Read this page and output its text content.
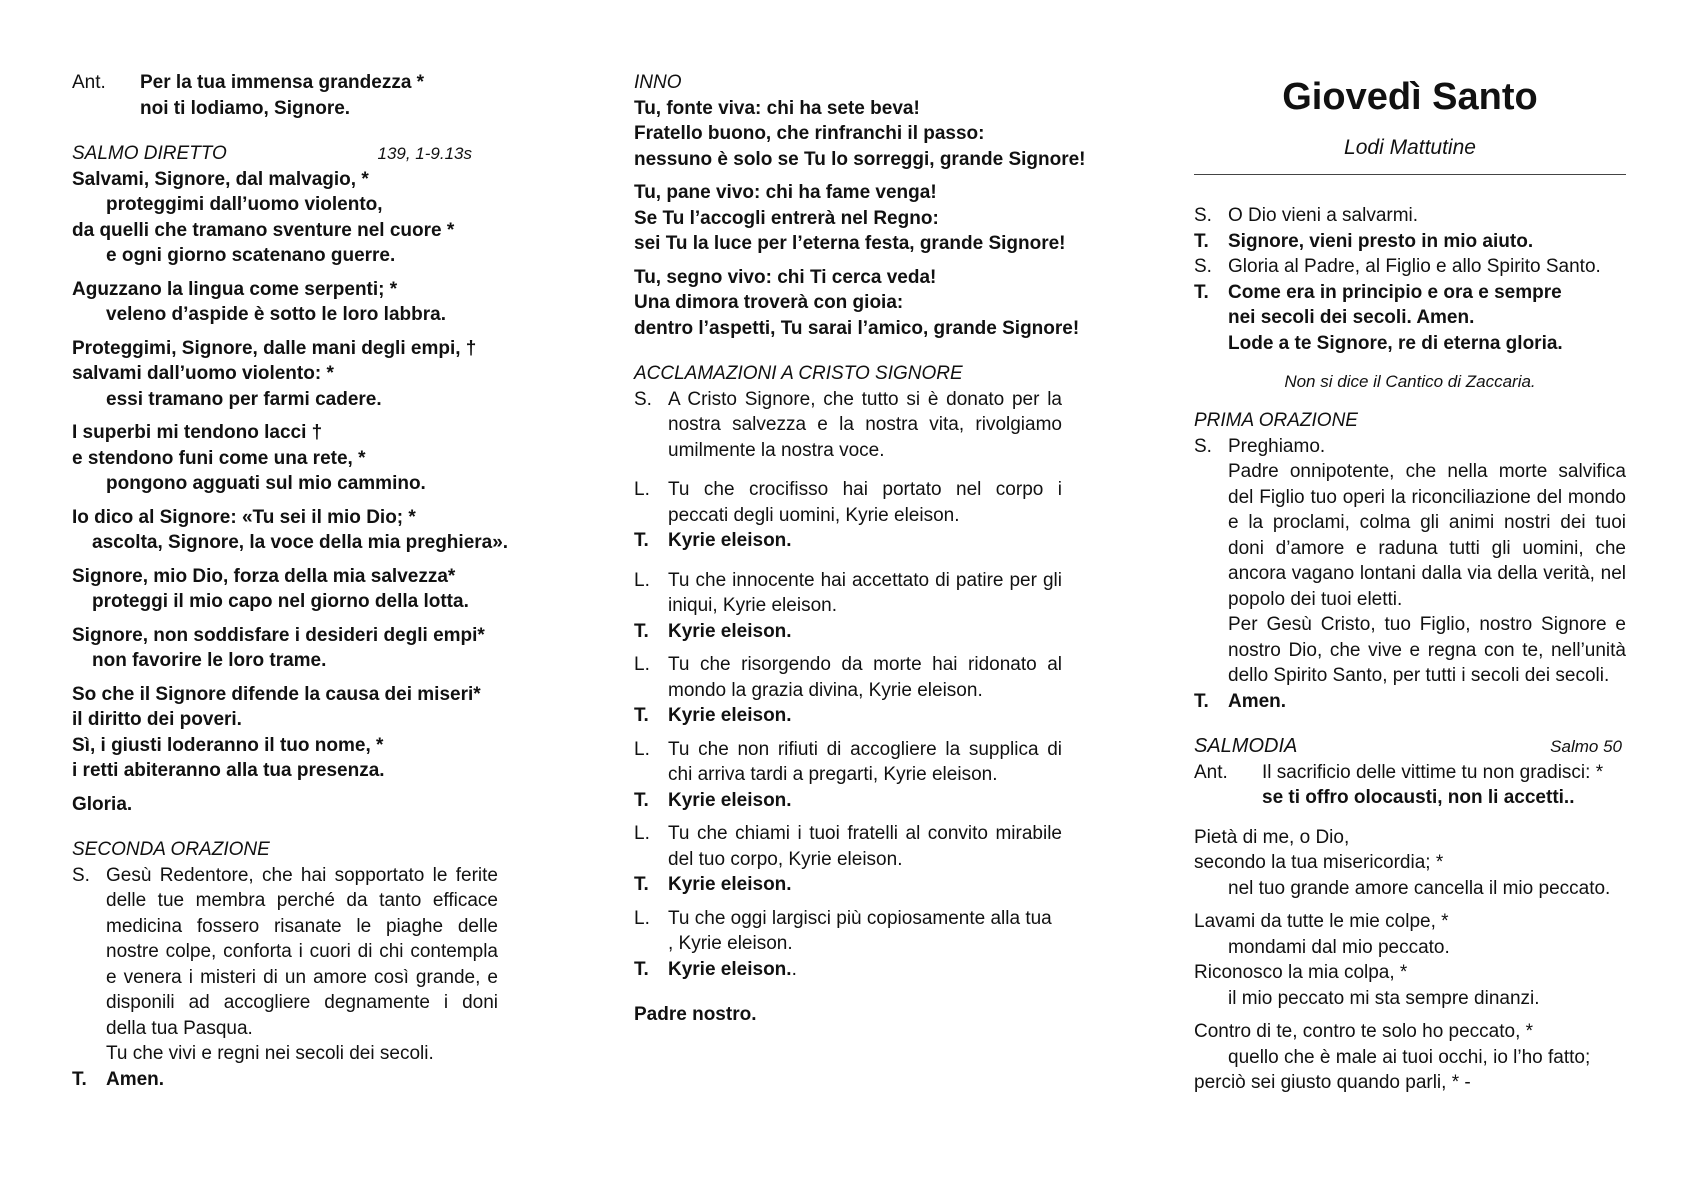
Ant.	Per la tua immensa grandezza *
noi ti lodiamo, Signore.
SALMO DIRETTO	139, 1-9.13s
Salvami, Signore, dal malvagio, *
proteggimi dall’uomo violento,
da quelli che tramano sventure nel cuore *
e ogni giorno scatenano guerre.
Aguzzano la lingua come serpenti; *
veleno d’aspide è sotto le loro labbra.
Proteggimi, Signore, dalle mani degli empi, †
salvami dall’uomo violento: *
essi tramano per farmi cadere.
I superbi mi tendono lacci †
e stendono funi come una rete, *
pongono agguati sul mio cammino.
Io dico al Signore: «Tu sei il mio Dio; *
ascolta, Signore, la voce della mia preghiera».
Signore, mio Dio, forza della mia salvezza*
proteggi il mio capo nel giorno della lotta.
Signore, non soddisfare i desideri degli empi*
non favorire le loro trame.
So che il Signore difende la causa dei miseri*
il diritto dei poveri.
Sì, i giusti loderanno il tuo nome, *
i retti abiteranno alla tua presenza.
Gloria.
SECONDA ORAZIONE
S. Gesù Redentore, che hai sopportato le ferite delle tue membra perché da tanto efficace medicina fossero risanate le piaghe delle nostre colpe, conforta i cuori di chi contempla e venera i misteri di un amore così grande, e disponili ad accogliere degnamente i doni della tua Pasqua.
Tu che vivi e regni nei secoli dei secoli.
T.	Amen.
INNO
Tu, fonte viva: chi ha sete beva!
Fratello buono, che rinfranchi il passo:
nessuno è solo se Tu lo sorreggi, grande Signore!
Tu, pane vivo: chi ha fame venga!
Se Tu l’accogli entrerà nel Regno:
sei Tu la luce per l’eterna festa, grande Signore!
Tu, segno vivo: chi Ti cerca veda!
Una dimora troverà con gioia:
dentro l’aspetti, Tu sarai l’amico, grande Signore!
ACCLAMAZIONI A CRISTO SIGNORE
S. A Cristo Signore, che tutto si è donato per la nostra salvezza e la nostra vita, rivolgiamo umilmente la nostra voce.
L. Tu che crocifisso hai portato nel corpo i peccati degli uomini, Kyrie eleison.
T.	Kyrie eleison.
L. Tu che innocente hai accettato di patire per gli iniqui, Kyrie eleison.
T.	Kyrie eleison.
L. Tu che risorgendo da morte hai ridonato al mondo la grazia divina, Kyrie eleison.
T.	Kyrie eleison.
L. Tu che non rifiuti di accogliere la supplica di chi arriva tardi a pregarti, Kyrie eleison.
T.	Kyrie eleison.
L. Tu che chiami i tuoi fratelli al convito mirabile del tuo corpo, Kyrie eleison.
T.	Kyrie eleison.
L. Tu che oggi largisci più copiosamente alla tua , Kyrie eleison.
T.	Kyrie eleison..
Padre nostro.
Giovedì Santo
Lodi Mattutine
S. O Dio vieni a salvarmi.
T.	Signore, vieni presto in mio aiuto.
S. Gloria al Padre, al Figlio e allo Spirito Santo.
T.	Come era in principio e ora e sempre nei secoli dei secoli. Amen.
Lode a te Signore, re di eterna gloria.
Non si dice il Cantico di Zaccaria.
PRIMA ORAZIONE
S. Preghiamo.
Padre onnipotente, che nella morte salvifica del Figlio tuo operi la riconciliazione del mondo e la proclami, colma gli animi nostri dei tuoi doni d’amore e raduna tutti gli uomini, che ancora vagano lontani dalla via della verità, nel popolo dei tuoi eletti.
Per Gesù Cristo, tuo Figlio, nostro Signore e nostro Dio, che vive e regna con te, nell’unità dello Spirito Santo, per tutti i secoli dei secoli.
T.	Amen.
SALMODIA	Salmo 50
Ant.	Il sacrificio delle vittime tu non gradisci: *
se ti offro olocausti, non li accetti..
Pietà di me, o Dio,
secondo la tua misericordia; *
nel tuo grande amore cancella il mio peccato.
Lavami da tutte le mie colpe, *
mondami dal mio peccato.
Riconosco la mia colpa, *
il mio peccato mi sta sempre dinanzi.
Contro di te, contro te solo ho peccato, *
quello che è male ai tuoi occhi, io l’ho fatto;
perciò sei giusto quando parli, * -
